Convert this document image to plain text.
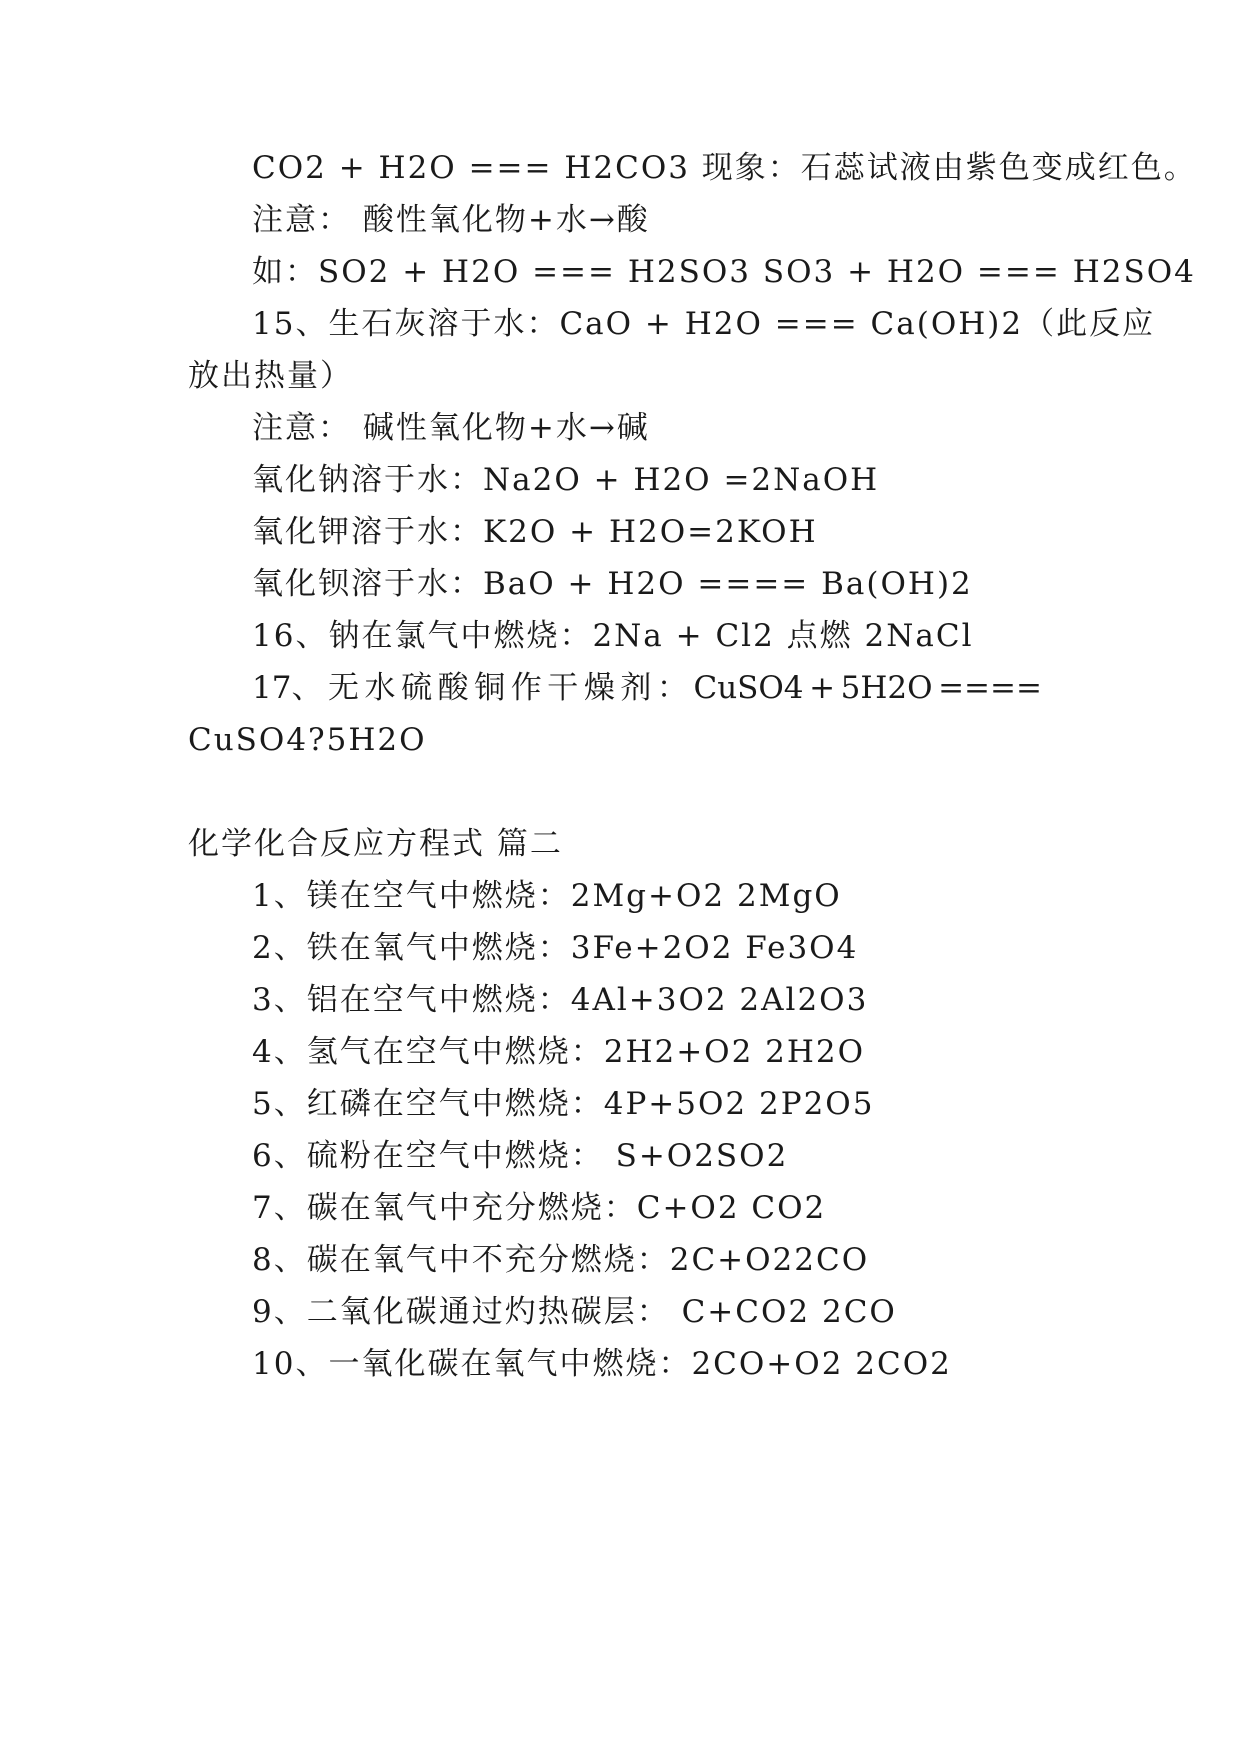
CO2 + H2O === H2CO3 现象：石蕊试液由紫色变成红色。
注意： 酸性氧化物+水→酸
如：SO2 + H2O === H2SO3 SO3 + H2O === H2SO4
15、生石灰溶于水：CaO + H2O === Ca(OH)2（此反应
放出热量）
注意： 碱性氧化物+水→碱
氧化钠溶于水：Na2O + H2O =2NaOH
氧化钾溶于水：K2O + H2O=2KOH
氧化钡溶于水：BaO + H2O ==== Ba(OH)2
16、钠在氯气中燃烧：2Na + Cl2 点燃 2NaCl
17、 无 水 硫 酸 铜 作 干 燥 剂 ： CuSO4 + 5H2O ====
CuSO4?5H2O
化学化合反应方程式 篇二
1、镁在空气中燃烧：2Mg+O2 2MgO
2、铁在氧气中燃烧：3Fe+2O2 Fe3O4
3、铝在空气中燃烧：4Al+3O2 2Al2O3
4、氢气在空气中燃烧：2H2+O2 2H2O
5、红磷在空气中燃烧：4P+5O2 2P2O5
6、硫粉在空气中燃烧： S+O2SO2
7、碳在氧气中充分燃烧：C+O2 CO2
8、碳在氧气中不充分燃烧：2C+O22CO
9、二氧化碳通过灼热碳层： C+CO2 2CO
10、一氧化碳在氧气中燃烧：2CO+O2 2CO2
